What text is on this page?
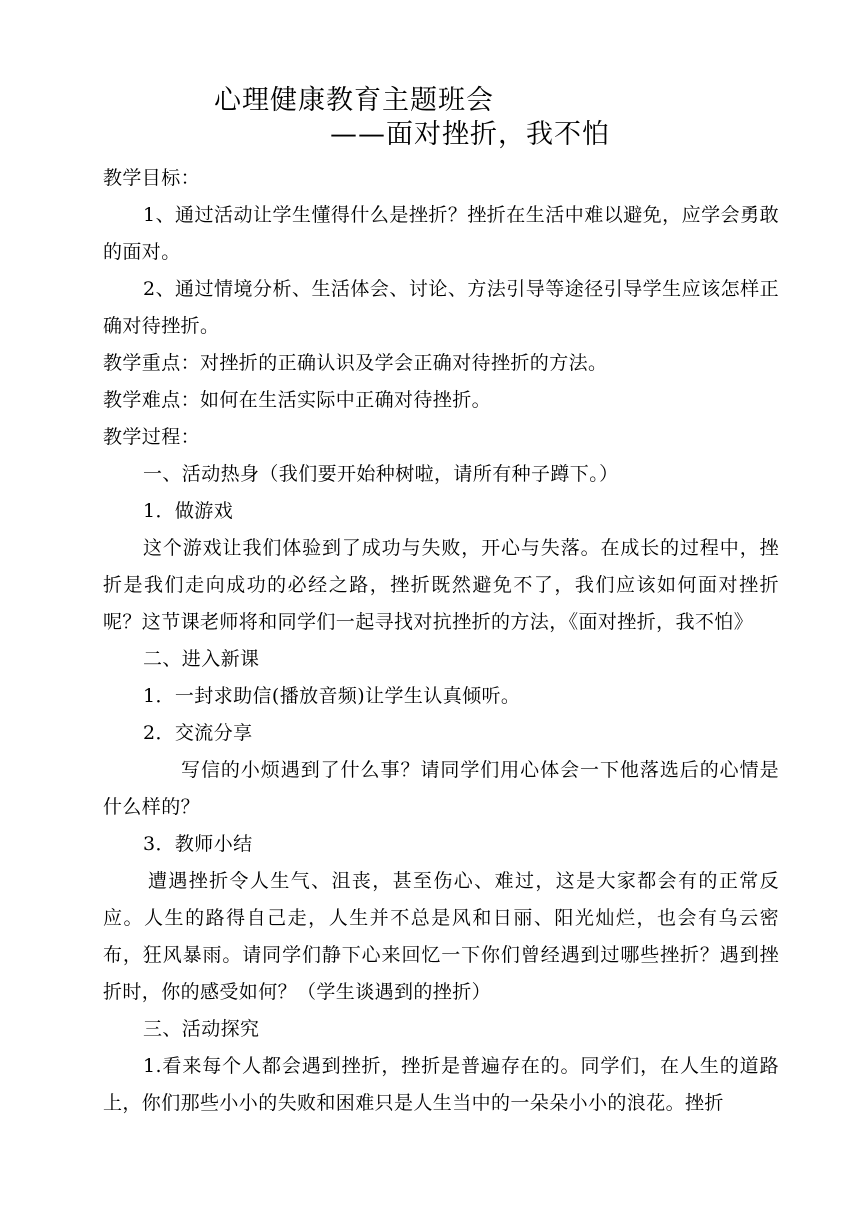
心理健康教育主题班会
——面对挫折，我不怕

教学目标：

1、通过活动让学生懂得什么是挫折？挫折在生活中难以避免，应学会勇敢的面对。

2、通过情境分析、生活体会、讨论、方法引导等途径引导学生应该怎样正确对待挫折。

教学重点：对挫折的正确认识及学会正确对待挫折的方法。

教学难点：如何在生活实际中正确对待挫折。

教学过程：

一、活动热身（我们要开始种树啦，请所有种子蹲下。）

1．做游戏

这个游戏让我们体验到了成功与失败，开心与失落。在成长的过程中，挫折是我们走向成功的必经之路，挫折既然避免不了，我们应该如何面对挫折呢？这节课老师将和同学们一起寻找对抗挫折的方法，《面对挫折，我不怕》

二、进入新课

1．一封求助信(播放音频)让学生认真倾听。

2．交流分享

写信的小烦遇到了什么事？请同学们用心体会一下他落选后的心情是什么样的？

3．教师小结

遭遇挫折令人生气、沮丧，甚至伤心、难过，这是大家都会有的正常反应。人生的路得自己走，人生并不总是风和日丽、阳光灿烂，也会有乌云密布，狂风暴雨。请同学们静下心来回忆一下你们曾经遇到过哪些挫折？遇到挫折时，你的感受如何？（学生谈遇到的挫折）

三、活动探究

1.看来每个人都会遇到挫折，挫折是普遍存在的。同学们，在人生的道路上，你们那些小小的失败和困难只是人生当中的一朵朵小小的浪花。挫折
